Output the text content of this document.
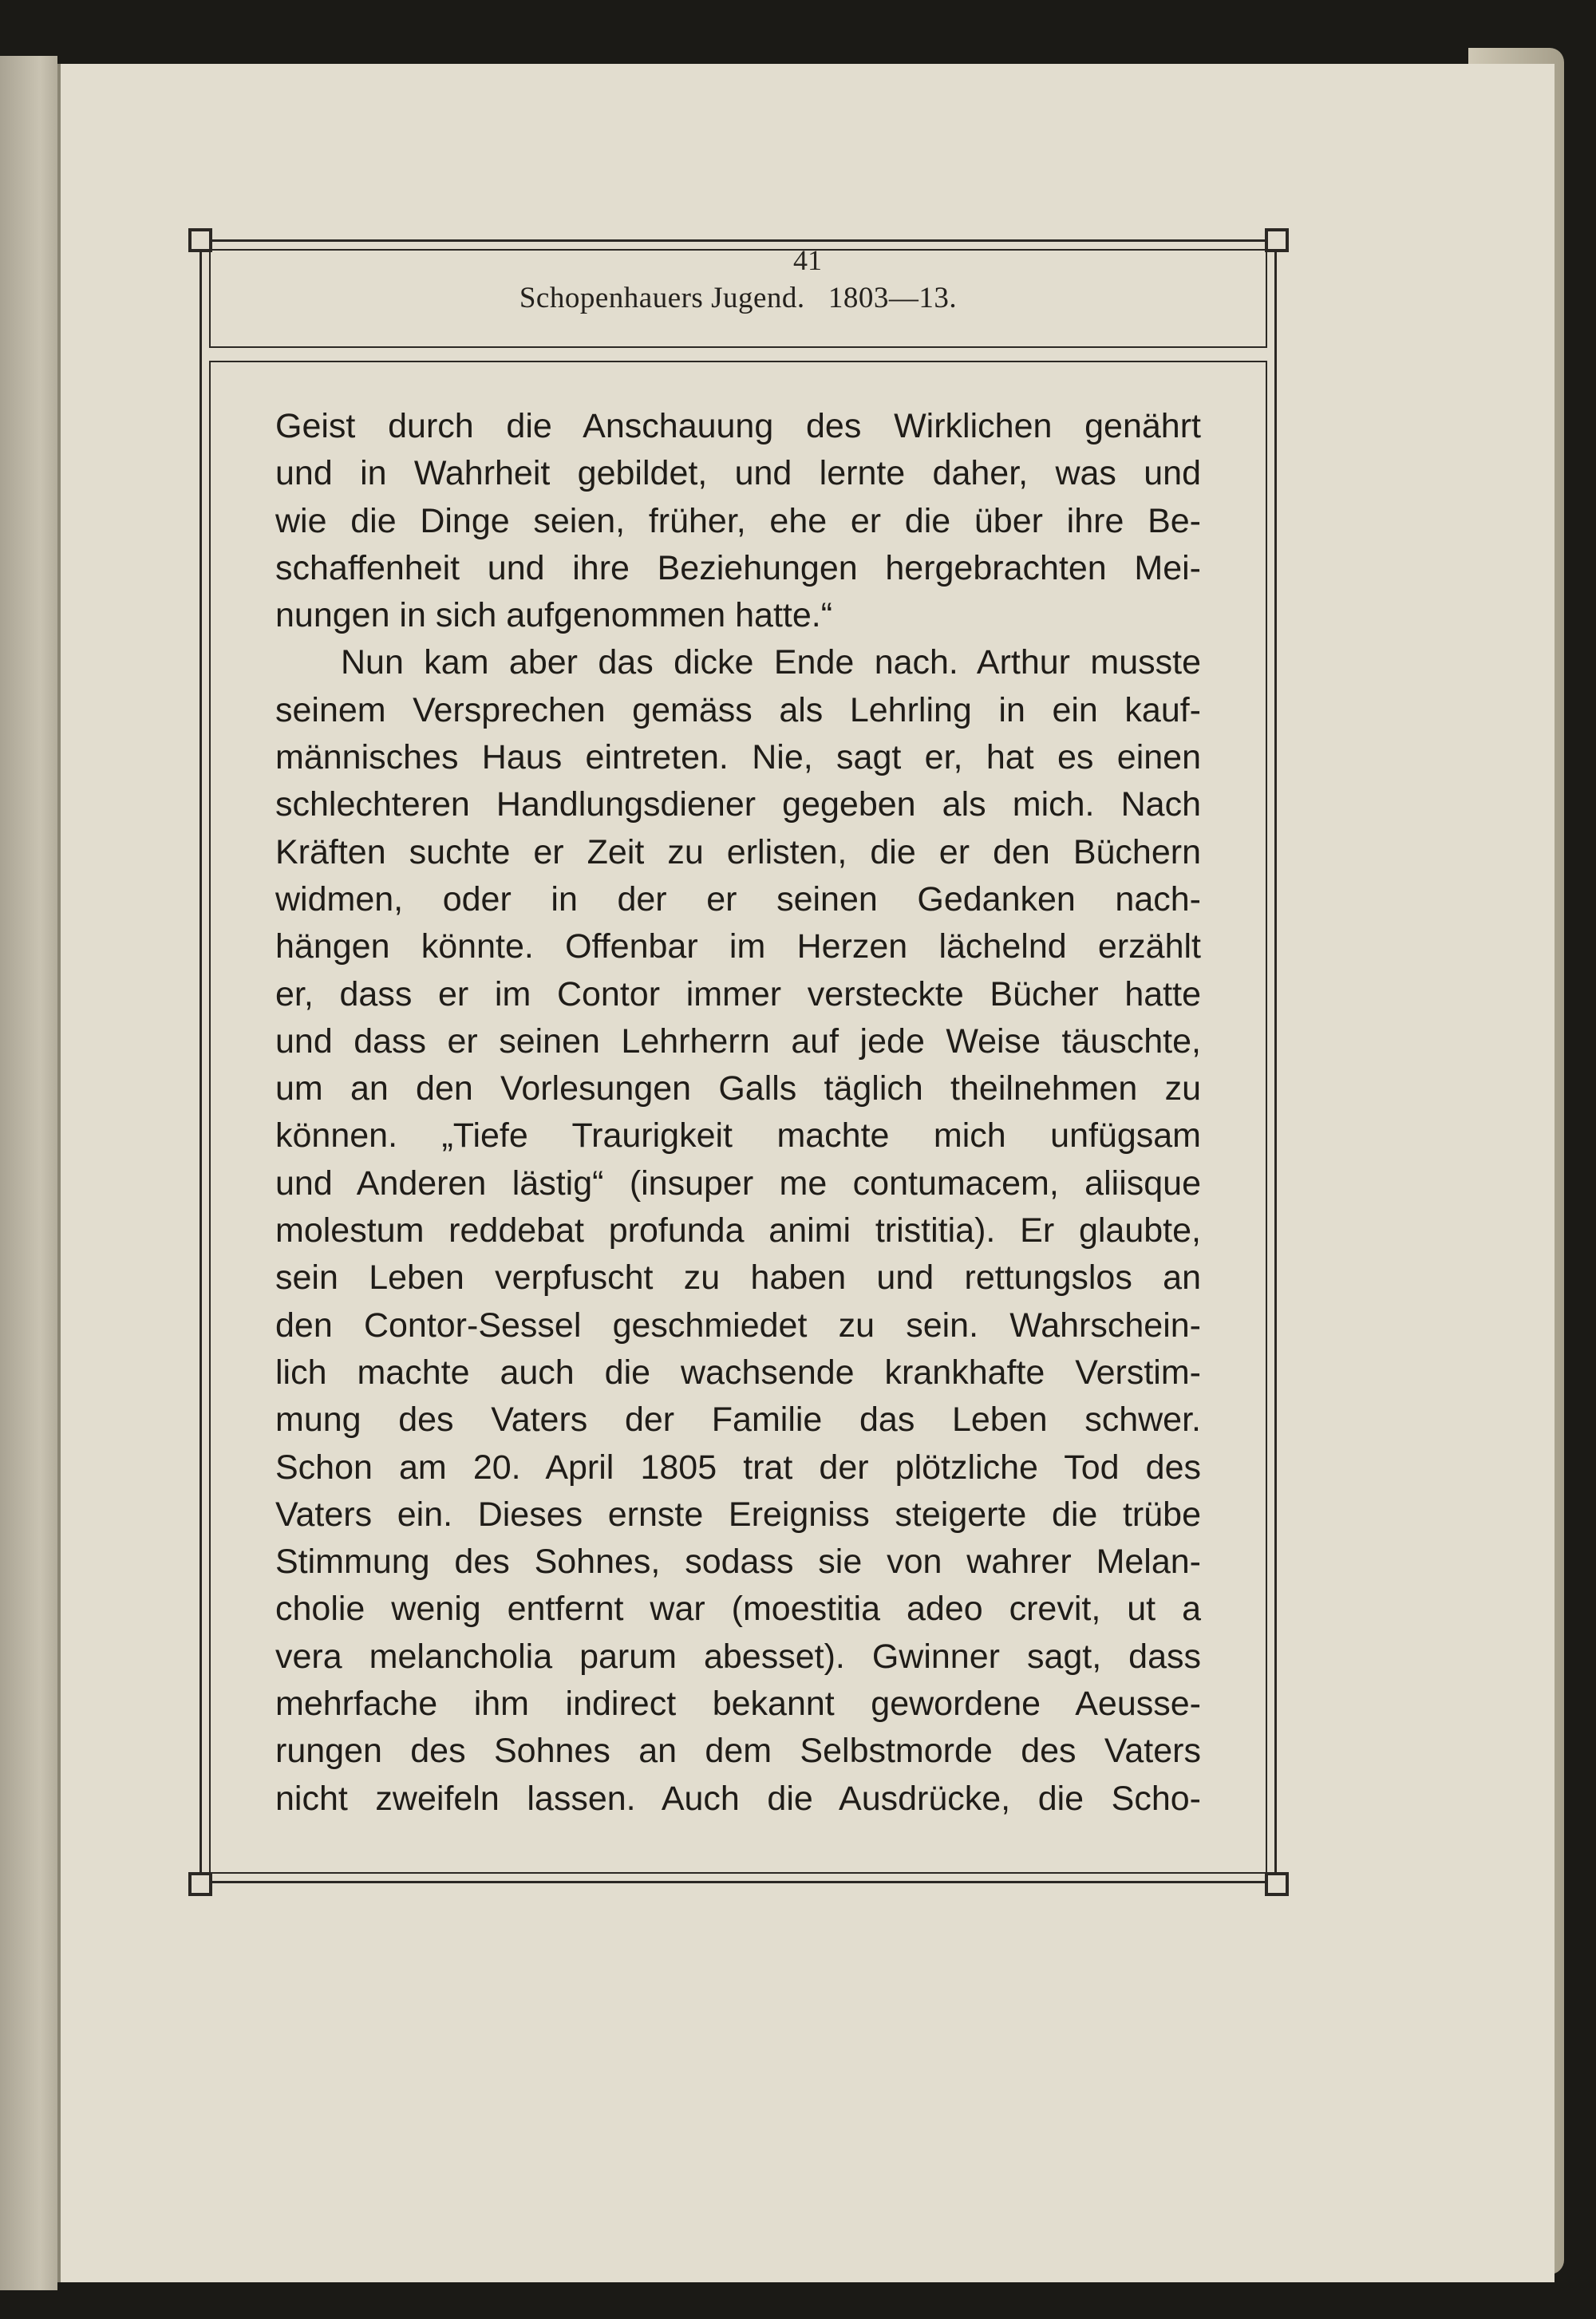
41
Schopenhauers Jugend.   1803—13.
Geist durch die Anschauung des Wirklichen genährt
und in Wahrheit gebildet, und lernte daher, was und
wie die Dinge seien, früher, ehe er die über ihre Be-
schaffenheit und ihre Beziehungen hergebrachten Mei-
nungen in sich aufgenommen hatte.“
Nun kam aber das dicke Ende nach. Arthur musste
seinem Versprechen gemäss als Lehrling in ein kauf-
männisches Haus eintreten. Nie, sagt er, hat es einen
schlechteren Handlungsdiener gegeben als mich. Nach
Kräften suchte er Zeit zu erlisten, die er den Büchern
widmen, oder in der er seinen Gedanken nach-
hängen könnte. Offenbar im Herzen lächelnd erzählt
er, dass er im Contor immer versteckte Bücher hatte
und dass er seinen Lehrherrn auf jede Weise täuschte,
um an den Vorlesungen Galls täglich theilnehmen zu
können. „Tiefe Traurigkeit machte mich unfügsam
und Anderen lästig“ (insuper me contumacem, aliisque
molestum reddebat profunda animi tristitia). Er glaubte,
sein Leben verpfuscht zu haben und rettungslos an
den Contor-Sessel geschmiedet zu sein. Wahrschein-
lich machte auch die wachsende krankhafte Verstim-
mung des Vaters der Familie das Leben schwer.
Schon am 20. April 1805 trat der plötzliche Tod des
Vaters ein. Dieses ernste Ereigniss steigerte die trübe
Stimmung des Sohnes, sodass sie von wahrer Melan-
cholie wenig entfernt war (moestitia adeo crevit, ut a
vera melancholia parum abesset). Gwinner sagt, dass
mehrfache ihm indirect bekannt gewordene Aeusse-
rungen des Sohnes an dem Selbstmorde des Vaters
nicht zweifeln lassen. Auch die Ausdrücke, die Scho-
